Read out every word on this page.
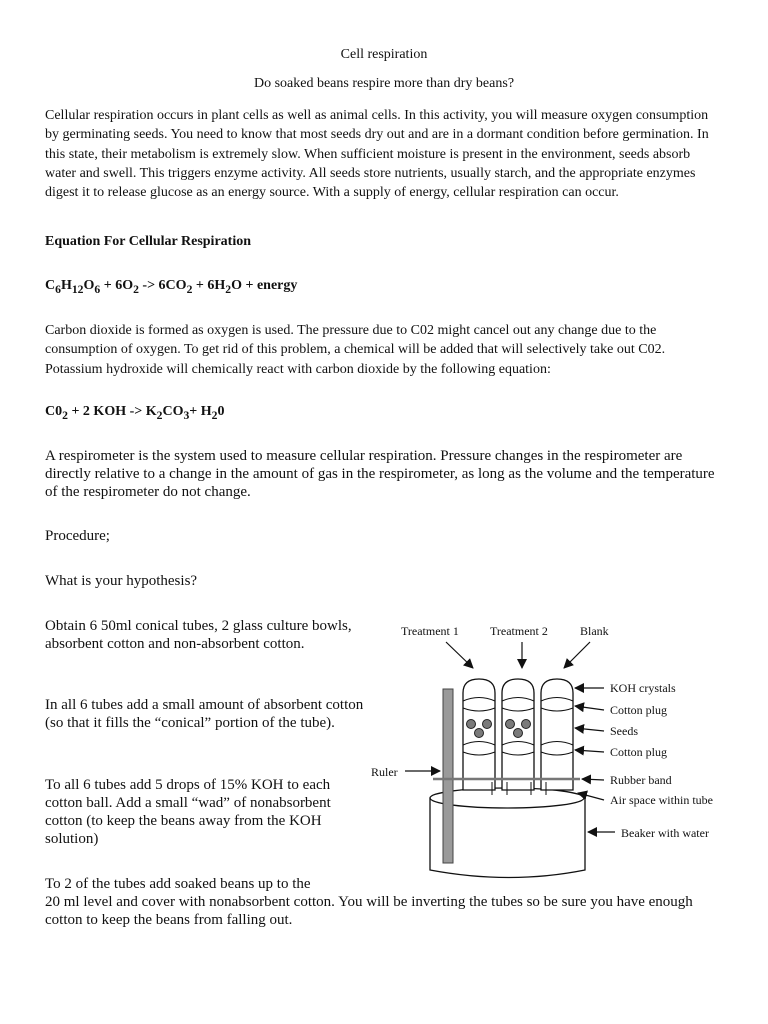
Cell respiration

Do soaked beans respire more than dry beans?

Cellular respiration occurs in plant cells as well as animal cells. In this activity, you will measure oxygen consumption by germinating seeds. You need to know that most seeds dry out and are in a dormant condition before germination. In this state, their metabolism is extremely slow. When sufficient moisture is present in the environment, seeds absorb water and swell. This triggers enzyme activity. All seeds store nutrients, usually starch, and the appropriate enzymes digest it to release glucose as an energy source. With a supply of energy, cellular respiration can occur.

Equation For Cellular Respiration

$C_6H_{12}O_6 + 6O_2 -> 6CO_2 + 6H_2O$ + energy

Carbon dioxide is formed as oxygen is used. The pressure due to C02 might cancel out any change due to the consumption of oxygen. To get rid of this problem, a chemical will be added that will selectively take out C02. Potassium hydroxide will chemically react with carbon dioxide by the following equation:

$C0_2 + 2$ KOH -> $K_2CO_3+ H_20$

A respirometer is the system used to measure cellular respiration. Pressure changes in the respirometer are directly relative to a change in the amount of gas in the respirometer, as long as the volume and the temperature of the respirometer do not change.

Procedure;

What is your hypothesis?

Obtain 6 50ml conical tubes, 2 glass culture bowls, absorbent cotton and non-absorbent cotton.

In all 6 tubes add a small amount of absorbent cotton (so that it fills the “conical” portion of the tube).

To all 6 tubes add 5 drops of 15% KOH to each cotton ball. Add a small “wad” of nonabsorbent cotton (to keep the beans away from the KOH solution)

To 2 of the tubes add soaked beans up to the
20 ml level and cover with nonabsorbent cotton. You will be inverting the tubes so be sure you have enough cotton to keep the beans from falling out.

Treatment 1	Treatment 2	Blank
Ruler
KOH crystals
Cotton plug
Seeds
Cotton plug
Rubber band
Air space within tube
Beaker with water
